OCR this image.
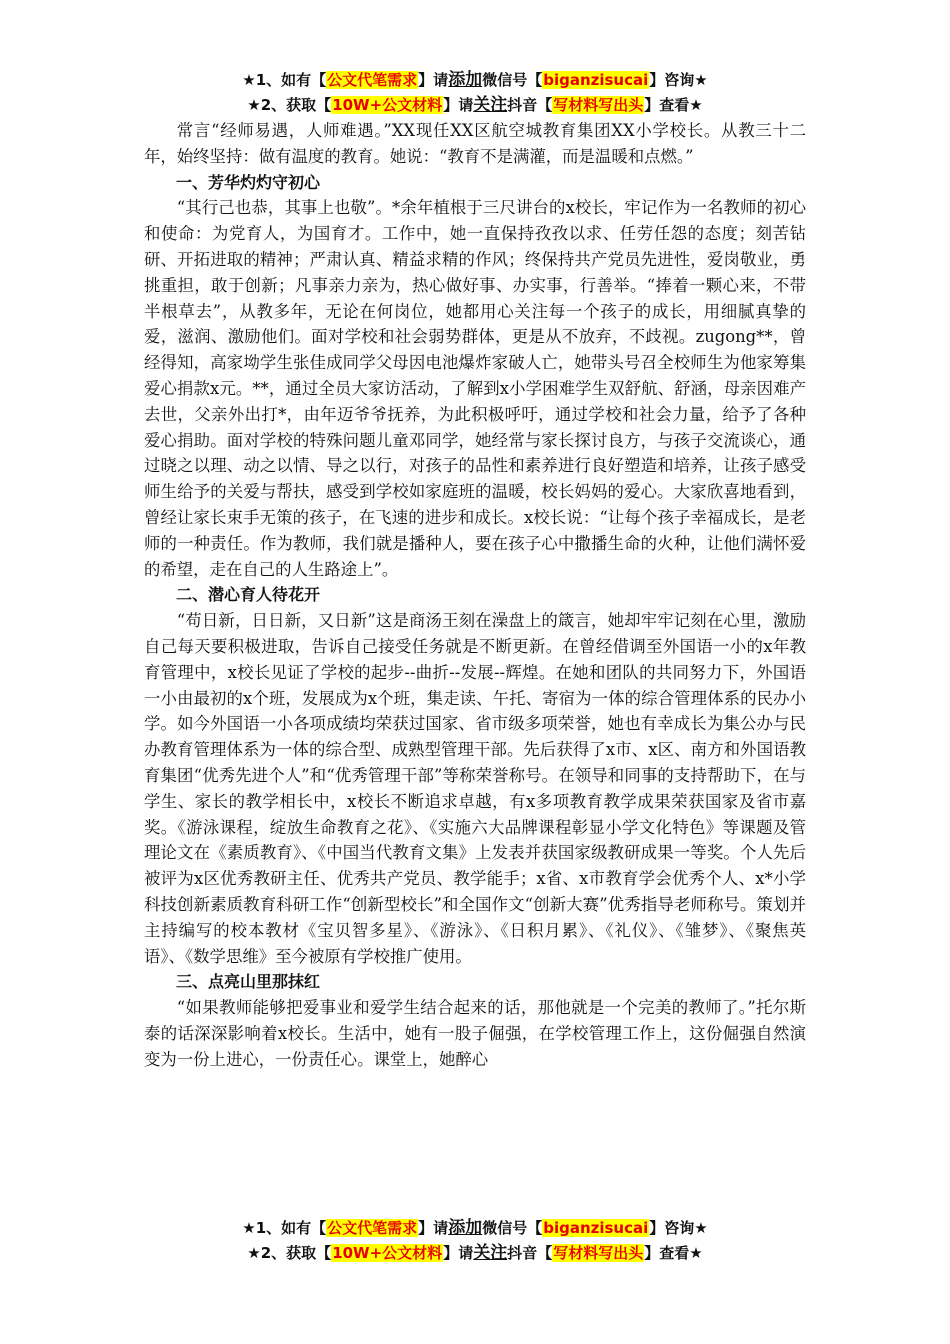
★1、如有【公文代笔需求】请添加微信号【biganzisucai】咨询★
★2、获取【10W+公文材料】请关注抖音【写材料写出头】查看★

常言“经师易遇，人师难遇。”XX现任XX区航空城教育集团XX小学校长。从教三十二年，始终坚持：做有温度的教育。她说：“教育不是满灌，而是温暖和点燃。”

一、芳华灼灼守初心

“其行己也恭，其事上也敬”。*余年植根于三尺讲台的x校长，牢记作为一名教师的初心和使命：为党育人，为国育才。工作中，她一直保持孜孜以求、任劳任怨的态度；刻苦钻研、开拓进取的精神；严肃认真、精益求精的作风；终保持共产党员先进性，爱岗敬业，勇挑重担，敢于创新；凡事亲力亲为，热心做好事、办实事，行善举。“捧着一颗心来，不带半根草去”，从教多年，无论在何岗位，她都用心关注每一个孩子的成长，用细腻真挚的爱，滋润、激励他们。面对学校和社会弱势群体，更是从不放弃，不歧视。zugong**，曾经得知，高家坳学生张佳成同学父母因电池爆炸家破人亡，她带头号召全校师生为他家筹集爱心捐款x元。**，通过全员大家访活动，了解到x小学困难学生双舒航、舒涵，母亲因难产去世，父亲外出打*，由年迈爷爷抚养，为此积极呼吁，通过学校和社会力量，给予了各种爱心捐助。面对学校的特殊问题儿童邓同学，她经常与家长探讨良方，与孩子交流谈心，通过晓之以理、动之以情、导之以行，对孩子的品性和素养进行良好塑造和培养，让孩子感受师生给予的关爱与帮扶，感受到学校如家庭班的温暖，校长妈妈的爱心。大家欣喜地看到，曾经让家长束手无策的孩子，在飞速的进步和成长。x校长说：“让每个孩子幸福成长，是老师的一种责任。作为教师，我们就是播种人，要在孩子心中撒播生命的火种，让他们满怀爱的希望，走在自己的人生路途上”。

二、潜心育人待花开

“苟日新，日日新，又日新”这是商汤王刻在澡盘上的箴言，她却牢牢记刻在心里，激励自己每天要积极进取，告诉自己接受任务就是不断更新。在曾经借调至外国语一小的x年教育管理中，x校长见证了学校的起步--曲折--发展--辉煌。在她和团队的共同努力下，外国语一小由最初的x个班，发展成为x个班，集走读、午托、寄宿为一体的综合管理体系的民办小学。如今外国语一小各项成绩均荣获过国家、省市级多项荣誉，她也有幸成长为集公办与民办教育管理体系为一体的综合型、成熟型管理干部。先后获得了x市、x区、南方和外国语教育集团“优秀先进个人”和“优秀管理干部”等称荣誉称号。在领导和同事的支持帮助下，在与学生、家长的教学相长中，x校长不断追求卓越，有x多项教育教学成果荣获国家及省市嘉奖。《游泳课程，绽放生命教育之花》、《实施六大品牌课程彰显小学文化特色》等课题及管理论文在《素质教育》、《中国当代教育文集》上发表并获国家级教研成果一等奖。个人先后被评为x区优秀教研主任、优秀共产党员、教学能手；x省、x市教育学会优秀个人、x*小学科技创新素质教育科研工作“创新型校长”和全国作文“创新大赛”优秀指导老师称号。策划并主持编写的校本教材《宝贝智多星》、《游泳》、《日积月累》、《礼仪》、《雏梦》、《聚焦英语》、《数学思维》至今被原有学校推广使用。

三、点亮山里那抹红

“如果教师能够把爱事业和爱学生结合起来的话，那他就是一个完美的教师了。”托尔斯泰的话深深影响着x校长。生活中，她有一股子倔强，在学校管理工作上，这份倔强自然演变为一份上进心，一份责任心。课堂上，她醉心

★1、如有【公文代笔需求】请添加微信号【biganzisucai】咨询★
★2、获取【10W+公文材料】请关注抖音【写材料写出头】查看★
